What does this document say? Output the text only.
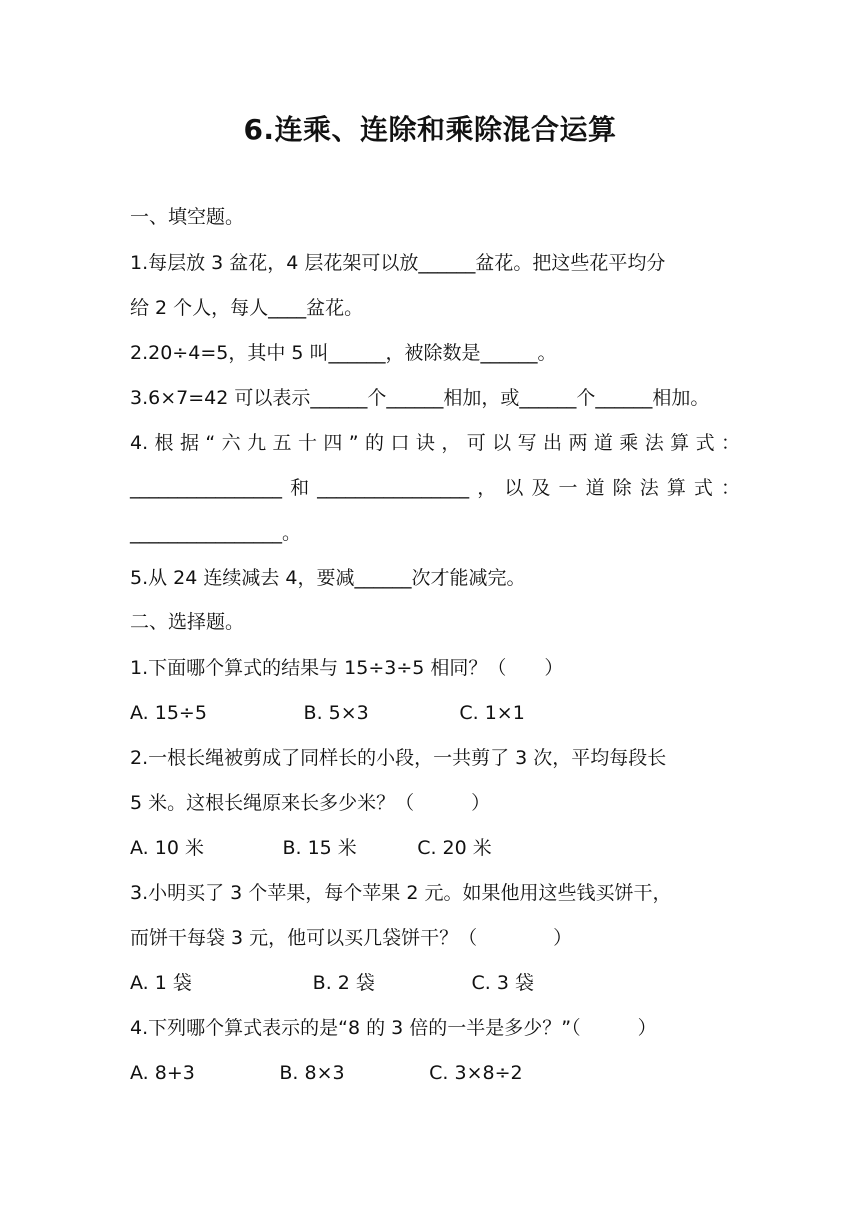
6.连乘、连除和乘除混合运算
一、填空题。
1.每层放 3 盆花，4 层花架可以放______盆花。把这些花平均分
给 2 个人，每人____盆花。
2.20÷4=5，其中 5 叫______，被除数是______。
3.6×7=42 可以表示______个______相加，或______个______相加。
4.根据“六九五十四”的口诀，可以写出两道乘法算式：
________________和________________，以及一道除法算式：
________________。
5.从 24 连续减去 4，要减______次才能减完。
二、选择题。
1.下面哪个算式的结果与 15÷3÷5 相同？（　　）
A. 15÷5                B. 5×3               C. 1×1
2.一根长绳被剪成了同样长的小段，一共剪了 3 次，平均每段长
5 米。这根长绳原来长多少米？（　　　）
A. 10 米             B. 15 米          C. 20 米
3.小明买了 3 个苹果，每个苹果 2 元。如果他用这些钱买饼干，
而饼干每袋 3 元，他可以买几袋饼干？（　　　　）
A. 1 袋                    B. 2 袋                C. 3 袋
4.下列哪个算式表示的是“8 的 3 倍的一半是多少？”（　　　）
A. 8+3              B. 8×3              C. 3×8÷2
